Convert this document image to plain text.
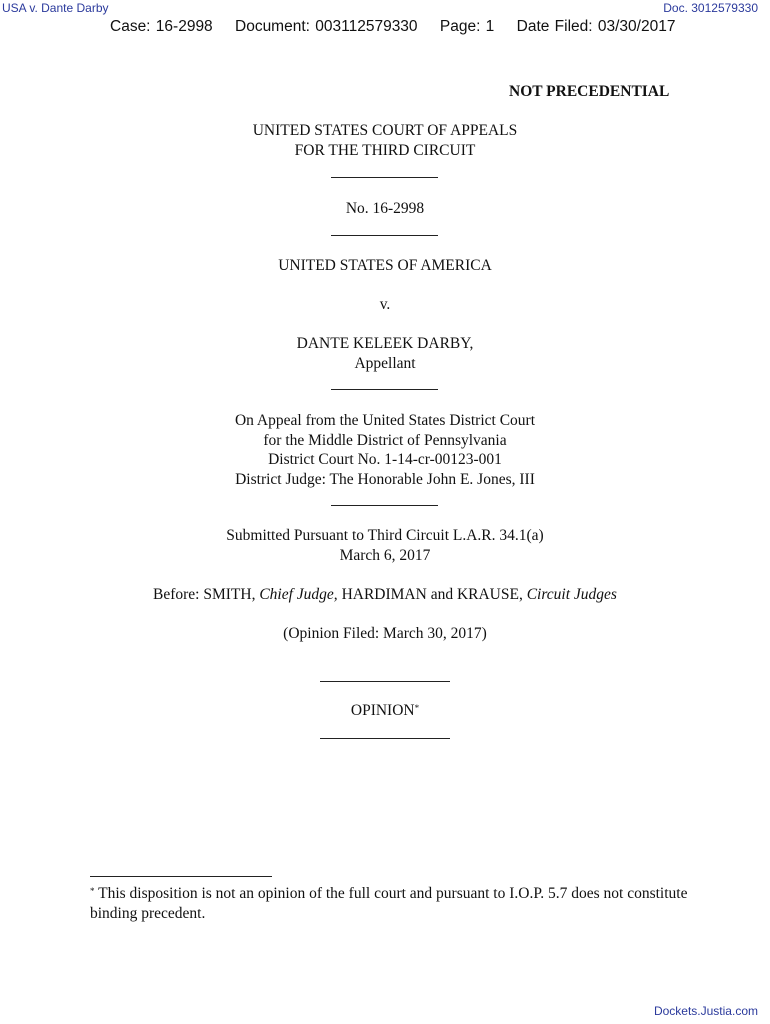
USA v. Dante Darby	Doc. 3012579330
Case: 16-2998 Document: 003112579330 Page: 1 Date Filed: 03/30/2017
NOT PRECEDENTIAL
UNITED STATES COURT OF APPEALS
FOR THE THIRD CIRCUIT
No. 16-2998
UNITED STATES OF AMERICA
v.
DANTE KELEEK DARBY,
Appellant
On Appeal from the United States District Court
for the Middle District of Pennsylvania
District Court No. 1-14-cr-00123-001
District Judge: The Honorable John E. Jones, III
Submitted Pursuant to Third Circuit L.A.R. 34.1(a)
March 6, 2017
Before: SMITH, Chief Judge, HARDIMAN and KRAUSE, Circuit Judges
(Opinion Filed: March 30, 2017)
OPINION*
* This disposition is not an opinion of the full court and pursuant to I.O.P. 5.7 does not constitute binding precedent.
Dockets.Justia.com
